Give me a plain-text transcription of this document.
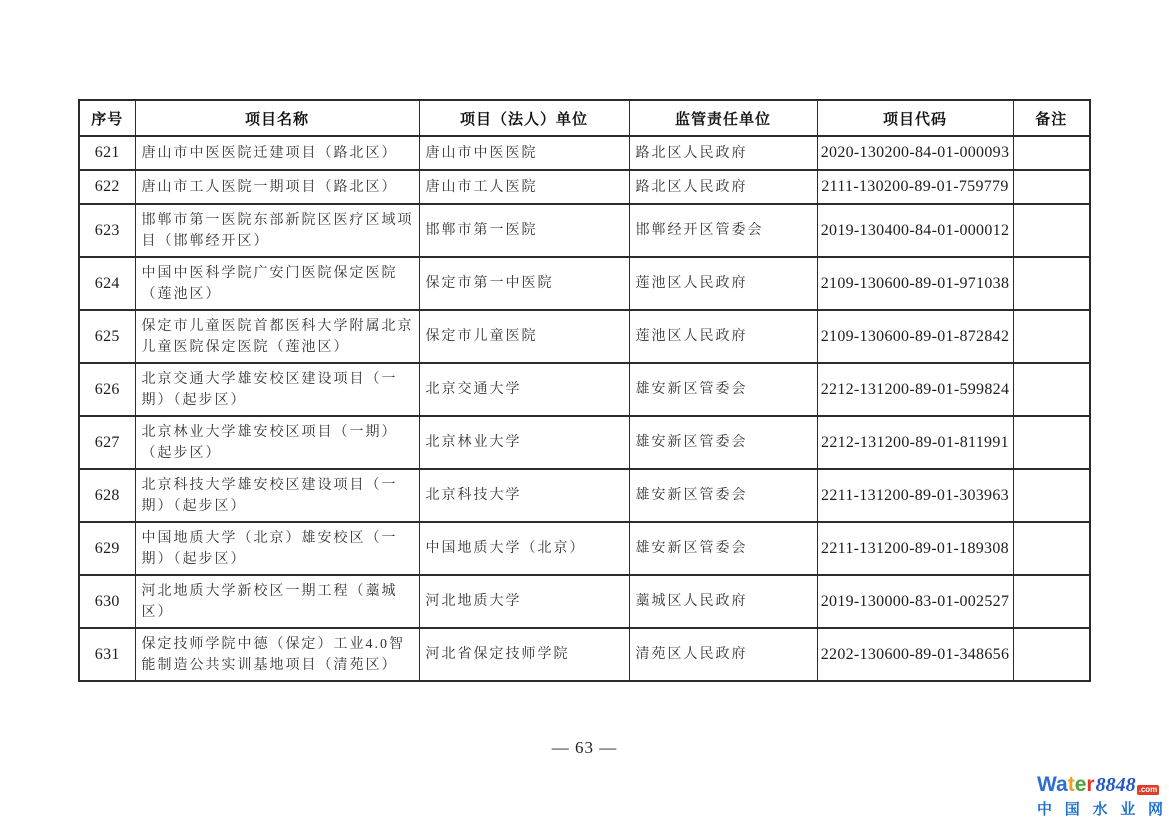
序号	项目名称	项目（法人）单位	监管责任单位	项目代码	备注
621	唐山市中医医院迁建项目（路北区）	唐山市中医医院	路北区人民政府	2020-130200-84-01-000093	
622	唐山市工人医院一期项目（路北区）	唐山市工人医院	路北区人民政府	2111-130200-89-01-759779	
623	邯郸市第一医院东部新院区医疗区域项目（邯郸经开区）	邯郸市第一医院	邯郸经开区管委会	2019-130400-84-01-000012	
624	中国中医科学院广安门医院保定医院（莲池区）	保定市第一中医院	莲池区人民政府	2109-130600-89-01-971038	
625	保定市儿童医院首都医科大学附属北京儿童医院保定医院（莲池区）	保定市儿童医院	莲池区人民政府	2109-130600-89-01-872842	
626	北京交通大学雄安校区建设项目（一期）（起步区）	北京交通大学	雄安新区管委会	2212-131200-89-01-599824	
627	北京林业大学雄安校区项目（一期）（起步区）	北京林业大学	雄安新区管委会	2212-131200-89-01-811991	
628	北京科技大学雄安校区建设项目（一期）（起步区）	北京科技大学	雄安新区管委会	2211-131200-89-01-303963	
629	中国地质大学（北京）雄安校区（一期）（起步区）	中国地质大学（北京）	雄安新区管委会	2211-131200-89-01-189308	
630	河北地质大学新校区一期工程（藁城区）	河北地质大学	藁城区人民政府	2019-130000-83-01-002527	
631	保定技师学院中德（保定）工业4.0智能制造公共实训基地项目（清苑区）	河北省保定技师学院	清苑区人民政府	2202-130600-89-01-348656	
— 63 —
Water 8848 .com
中 国 水 业 网
